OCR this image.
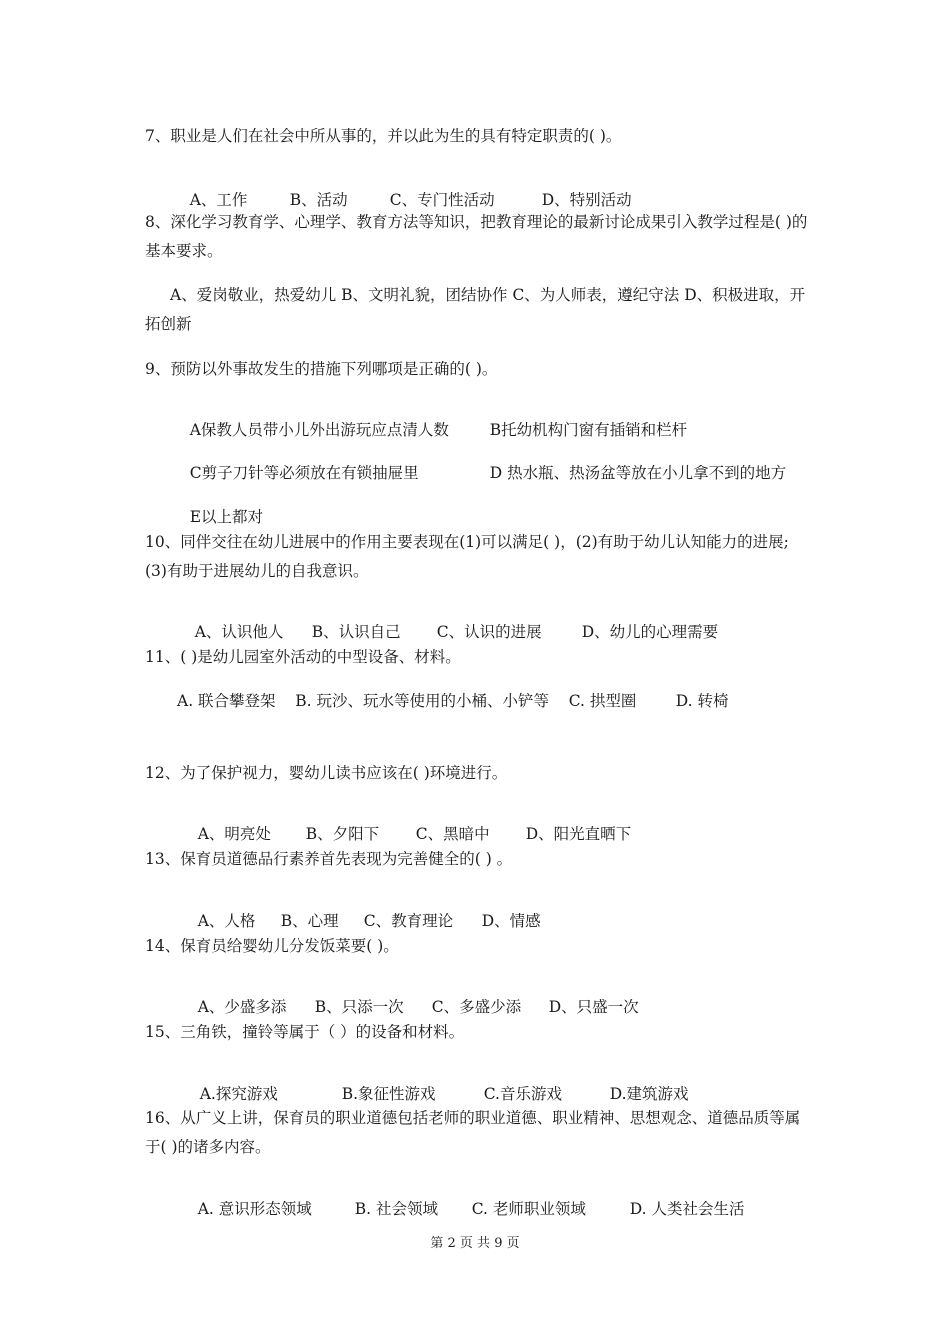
7、职业是人们在社会中所从事的，并以此为生的具有特定职责的( )。

A、工作	B、活动	C、专门性活动	D、特别活动

8、深化学习教育学、心理学、教育方法等知识，把教育理论的最新讨论成果引入教学过程是( )的基本要求。
A、爱岗敬业，热爱幼儿 B、文明礼貌，团结协作 C、为人师表，遵纪守法 D、积极进取，开拓创新
9、预防以外事故发生的措施下列哪项是正确的( )。

A保教人员带小儿外出游玩应点清人数	B托幼机构门窗有插销和栏杆

C剪子刀针等必须放在有锁抽屉里	D 热水瓶、热汤盆等放在小儿拿不到的地方

E以上都对

10、同伴交往在幼儿进展中的作用主要表现在(1)可以满足( )，(2)有助于幼儿认知能力的进展;(3)有助于进展幼儿的自我意识。

A、认识他人 B、认识自己 C、认识的进展	D、幼儿的心理需要

11、( )是幼儿园室外活动的中型设备、材料。
A. 联合攀登架    B. 玩沙、玩水等使用的小桶、小铲等    C. 拱型圈        D. 转椅
12、为了保护视力，婴幼儿读书应该在( )环境进行。

A、明亮处 B、夕阳下 C、黑暗中 D、阳光直晒下

13、保育员道德品行素养首先表现为完善健全的( ) 。

A、人格 B、心理 C、教育理论 D、情感

14、保育员给婴幼儿分发饭菜要( )。

A、少盛多添 B、只添一次 C、多盛少添 D、只盛一次

15、三角铁，撞铃等属于（ ）的设备和材料。

A.探究游戏	B.象征性游戏	C.音乐游戏	D.建筑游戏

16、从广义上讲，保育员的职业道德包括老师的职业道德、职业精神、思想观念、道德品质等属于( )的诸多内容。

A. 意识形态领域	B. 社会领域 C. 老师职业领域	D. 人类社会生活

第 2 页 共 9 页
